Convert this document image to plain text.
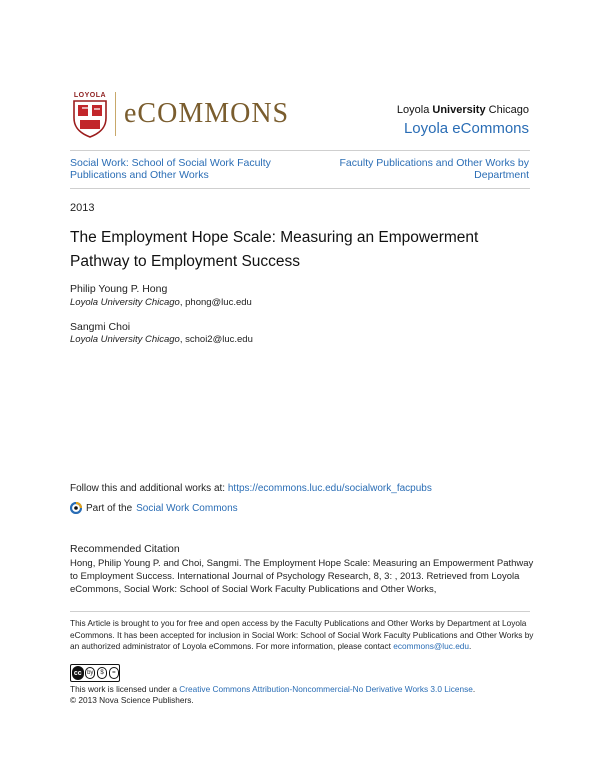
LOYOLA
eCOMMONS	Loyola University Chicago
Loyola eCommons
Social Work: School of Social Work Faculty Publications and Other Works
Faculty Publications and Other Works by Department
2013
The Employment Hope Scale: Measuring an Empowerment Pathway to Employment Success
Philip Young P. Hong
Loyola University Chicago, phong@luc.edu
Sangmi Choi
Loyola University Chicago, schoi2@luc.edu
Follow this and additional works at: https://ecommons.luc.edu/socialwork_facpubs
Part of the Social Work Commons
Recommended Citation
Hong, Philip Young P. and Choi, Sangmi. The Employment Hope Scale: Measuring an Empowerment Pathway to Employment Success. International Journal of Psychology Research, 8, 3: , 2013. Retrieved from Loyola eCommons, Social Work: School of Social Work Faculty Publications and Other Works,
This Article is brought to you for free and open access by the Faculty Publications and Other Works by Department at Loyola eCommons. It has been accepted for inclusion in Social Work: School of Social Work Faculty Publications and Other Works by an authorized administrator of Loyola eCommons. For more information, please contact ecommons@luc.edu.
cc by	$	=
This work is licensed under a Creative Commons Attribution-Noncommercial-No Derivative Works 3.0 License.
© 2013 Nova Science Publishers.
